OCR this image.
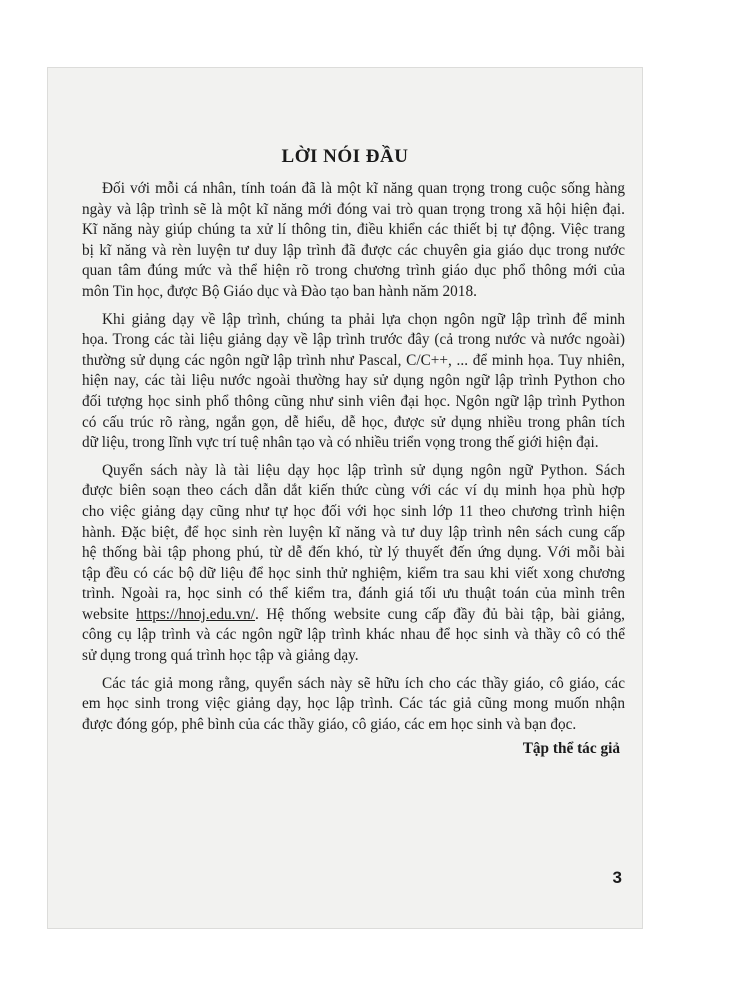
LỜI NÓI ĐẦU
Đối với mỗi cá nhân, tính toán đã là một kĩ năng quan trọng trong cuộc sống hàng
ngày và lập trình sẽ là một kĩ năng mới đóng vai trò quan trọng trong xã hội hiện đại.
Kĩ năng này giúp chúng ta xử lí thông tin, điều khiển các thiết bị tự động. Việc trang
bị kĩ năng và rèn luyện tư duy lập trình đã được các chuyên gia giáo dục trong nước
quan tâm đúng mức và thể hiện rõ trong chương trình giáo dục phổ thông mới của
môn Tin học, được Bộ Giáo dục và Đào tạo ban hành năm 2018.
Khi giảng dạy về lập trình, chúng ta phải lựa chọn ngôn ngữ lập trình để minh
họa. Trong các tài liệu giảng dạy về lập trình trước đây (cả trong nước và nước ngoài)
thường sử dụng các ngôn ngữ lập trình như Pascal, C/C++, ... để minh họa. Tuy nhiên,
hiện nay, các tài liệu nước ngoài thường hay sử dụng ngôn ngữ lập trình Python cho
đối tượng học sinh phổ thông cũng như sinh viên đại học. Ngôn ngữ lập trình Python
có cấu trúc rõ ràng, ngắn gọn, dễ hiểu, dễ học, được sử dụng nhiều trong phân tích
dữ liệu, trong lĩnh vực trí tuệ nhân tạo và có nhiều triển vọng trong thế giới hiện đại.
Quyển sách này là tài liệu dạy học lập trình sử dụng ngôn ngữ Python. Sách
được biên soạn theo cách dẫn dắt kiến thức cùng với các ví dụ minh họa phù hợp
cho việc giảng dạy cũng như tự học đối với học sinh lớp 11 theo chương trình hiện
hành. Đặc biệt, để học sinh rèn luyện kĩ năng và tư duy lập trình nên sách cung cấp
hệ thống bài tập phong phú, từ dễ đến khó, từ lý thuyết đến ứng dụng. Với mỗi bài
tập đều có các bộ dữ liệu để học sinh thử nghiệm, kiểm tra sau khi viết xong chương
trình. Ngoài ra, học sinh có thể kiểm tra, đánh giá tối ưu thuật toán của mình trên
website https://hnoj.edu.vn/. Hệ thống website cung cấp đầy đủ bài tập, bài giảng,
công cụ lập trình và các ngôn ngữ lập trình khác nhau để học sinh và thầy cô có thể
sử dụng trong quá trình học tập và giảng dạy.
Các tác giả mong rằng, quyển sách này sẽ hữu ích cho các thầy giáo, cô giáo, các
em học sinh trong việc giảng dạy, học lập trình. Các tác giả cũng mong muốn nhận
được đóng góp, phê bình của các thầy giáo, cô giáo, các em học sinh và bạn đọc.
Tập thể tác giả
3
